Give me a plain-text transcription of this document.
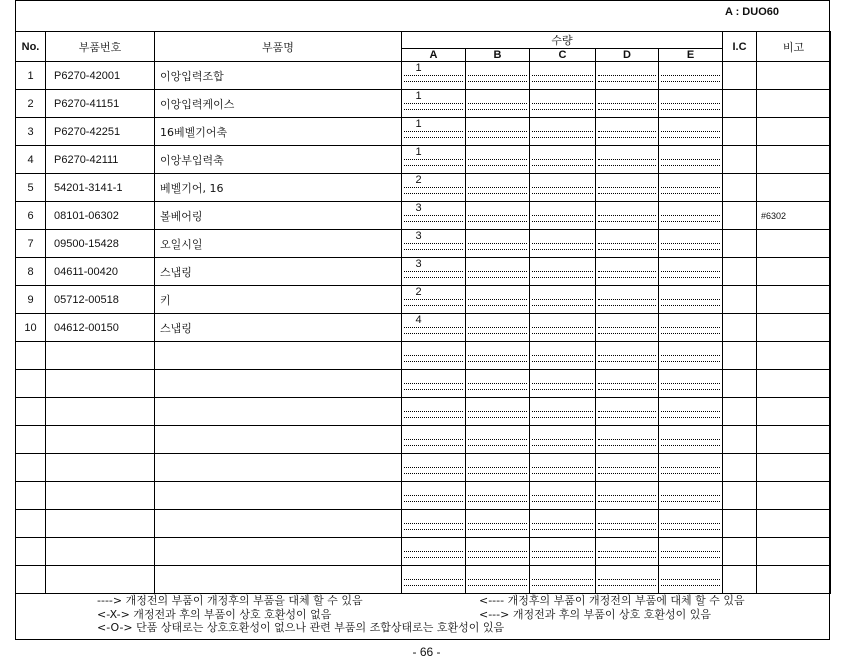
A : DUO60
No.	부품번호	부품명	수량					I.C	비고
			A	B	C	D	E		
1	P6270-42001	이앙입력조합	1						

2	P6270-41151	이앙입력케이스	1						

3	P6270-42251	16베벨기어축	1						

4	P6270-42111	이앙부입력축	1						

5	54201-3141-1	베벨기어, 16	2						

6	08101-06302	볼베어링	3						#6302
7	09500-15428	오일시일	3						

8	04611-00420	스냅링	3						

9	05712-00518	키	2						

10	04612-00150	스냅링	4						

----> 개정전의 부품이 개정후의 부품을 대체 할 수 있음	<---- 개정후의 부품이 개정전의 부품에 대체 할 수 있음
<-X-> 개정전과 후의 부품이 상호 호환성이 없음	<---> 개정전과 후의 부품이 상호 호환성이 있음
<-O-> 단품 상태로는 상호호환성이 없으나 관련 부품의 조합상태로는 호환성이 있음
- 66 -
